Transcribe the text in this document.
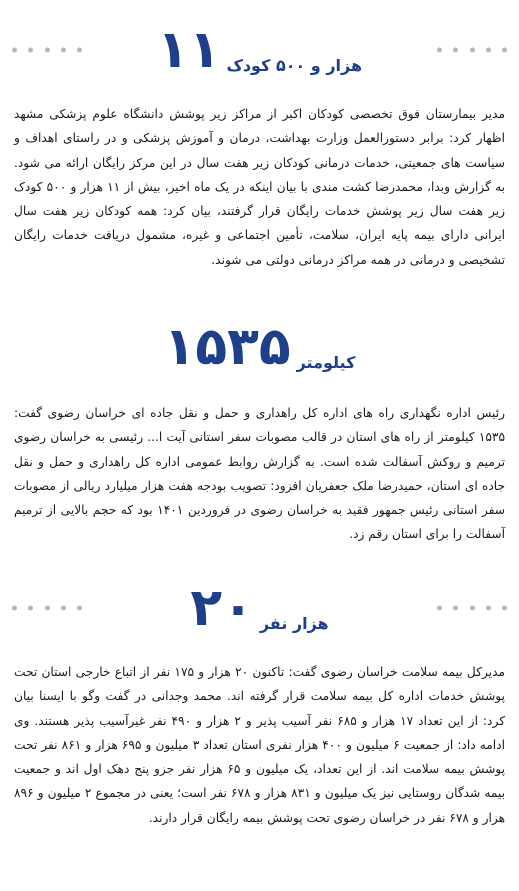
۱۱ هزار و ۵۰۰ کودک

مدیر بیمارستان فوق تخصصی کودکان اکبر از مراکز زیر پوشش دانشگاه علوم پزشکی مشهد اظهار کرد: برابر دستورالعمل وزارت بهداشت، درمان و آموزش پزشکی و در راستای اهداف و سیاست های جمعیتی، خدمات درمانی کودکان زیر هفت سال در این مرکز رایگان ارائه می شود. به گزارش وبدا، محمدرضا کشت مندی با بیان اینکه در یک ماه اخیر، بیش از ۱۱ هزار و ۵۰۰ کودک زیر هفت سال زیر پوشش خدمات رایگان قرار گرفتند، بیان کرد: همه کودکان زیر هفت سال ایرانی دارای بیمه پایه ایران، سلامت، تأمین اجتماعی و غیره، مشمول دریافت خدمات رایگان تشخیصی و درمانی در همه مراکز درمانی دولتی می شوند.

۱۵۳۵ کیلومتر

رئیس اداره نگهداری راه های اداره کل راهداری و حمل و نقل جاده ای خراسان رضوی گفت: ۱۵۳۵ کیلومتر از راه های استان در قالب مصوبات سفر استانی آیت ا... رئیسی به خراسان رضوی ترمیم و روکش آسفالت شده است. به گزارش روابط عمومی اداره کل راهداری و حمل و نقل جاده ای استان، حمیدرضا ملک جعفریان افزود: تصویب بودجه هفت هزار میلیارد ریالی از مصوبات سفر استانی رئیس جمهور فقید به خراسان رضوی در فروردین ۱۴۰۱ بود که حجم بالایی از ترمیم آسفالت را برای استان رقم زد.

۲۰ هزار نفر

مدیرکل بیمه سلامت خراسان رضوی گفت: تاکنون ۲۰ هزار و ۱۷۵ نفر از اتباع خارجی استان تحت پوشش خدمات اداره کل بیمه سلامت قرار گرفته اند. محمد وجدانی در گفت وگو با ایسنا بیان کرد: از این تعداد ۱۷ هزار و ۶۸۵ نفر آسیب پذیر و ۲ هزار و ۴۹۰ نفر غیرآسیب پذیر هستند. وی ادامه داد: از جمعیت ۶ میلیون و ۴۰۰ هزار نفری استان تعداد ۳ میلیون و ۶۹۵ هزار و ۸۶۱ نفر تحت پوشش بیمه سلامت اند. از این تعداد، یک میلیون و ۶۵ هزار نفر جزو پنج دهک اول اند و جمعیت بیمه شدگان روستایی نیز یک میلیون و ۸۳۱ هزار و ۶۷۸ نفر است؛ یعنی در مجموع ۲ میلیون و ۸۹۶ هزار و ۶۷۸ نفر در خراسان رضوی تحت پوشش بیمه رایگان قرار دارند.
